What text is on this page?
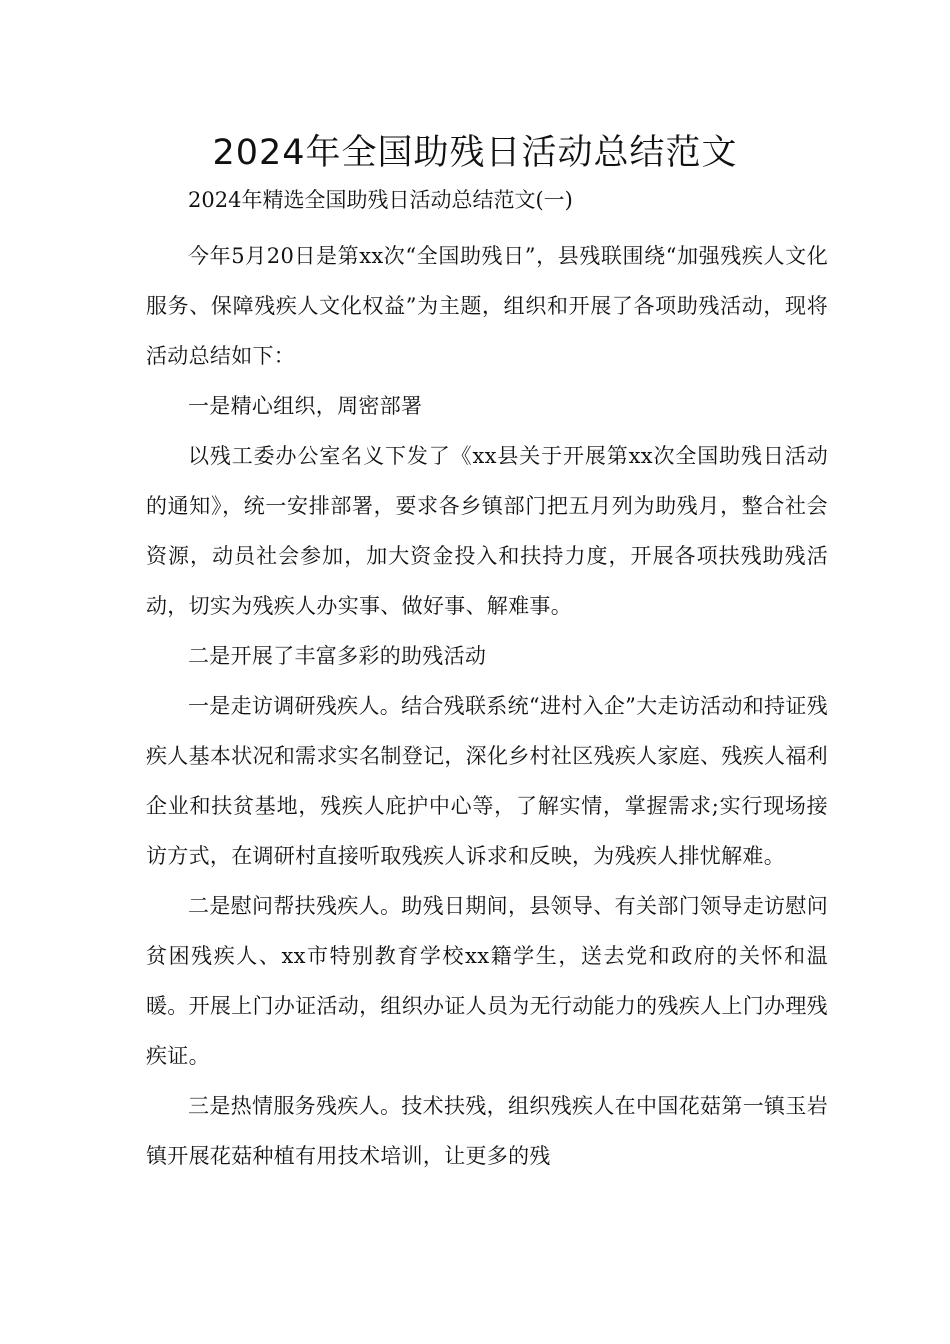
2024年全国助残日活动总结范文

2024年精选全国助残日活动总结范文(一)

今年5月20日是第xx次“全国助残日”，县残联围绕“加强残疾人文化服务、保障残疾人文化权益”为主题，组织和开展了各项助残活动，现将活动总结如下：

一是精心组织，周密部署

以残工委办公室名义下发了《xx县关于开展第xx次全国助残日活动的通知》，统一安排部署，要求各乡镇部门把五月列为助残月，整合社会资源，动员社会参加，加大资金投入和扶持力度，开展各项扶残助残活动，切实为残疾人办实事、做好事、解难事。

二是开展了丰富多彩的助残活动

一是走访调研残疾人。结合残联系统“进村入企”大走访活动和持证残疾人基本状况和需求实名制登记，深化乡村社区残疾人家庭、残疾人福利企业和扶贫基地，残疾人庇护中心等，了解实情，掌握需求;实行现场接访方式，在调研村直接听取残疾人诉求和反映，为残疾人排忧解难。

二是慰问帮扶残疾人。助残日期间，县领导、有关部门领导走访慰问贫困残疾人、xx市特别教育学校xx籍学生，送去党和政府的关怀和温暖。开展上门办证活动，组织办证人员为无行动能力的残疾人上门办理残疾证。

三是热情服务残疾人。技术扶残，组织残疾人在中国花菇第一镇玉岩镇开展花菇种植有用技术培训，让更多的残
